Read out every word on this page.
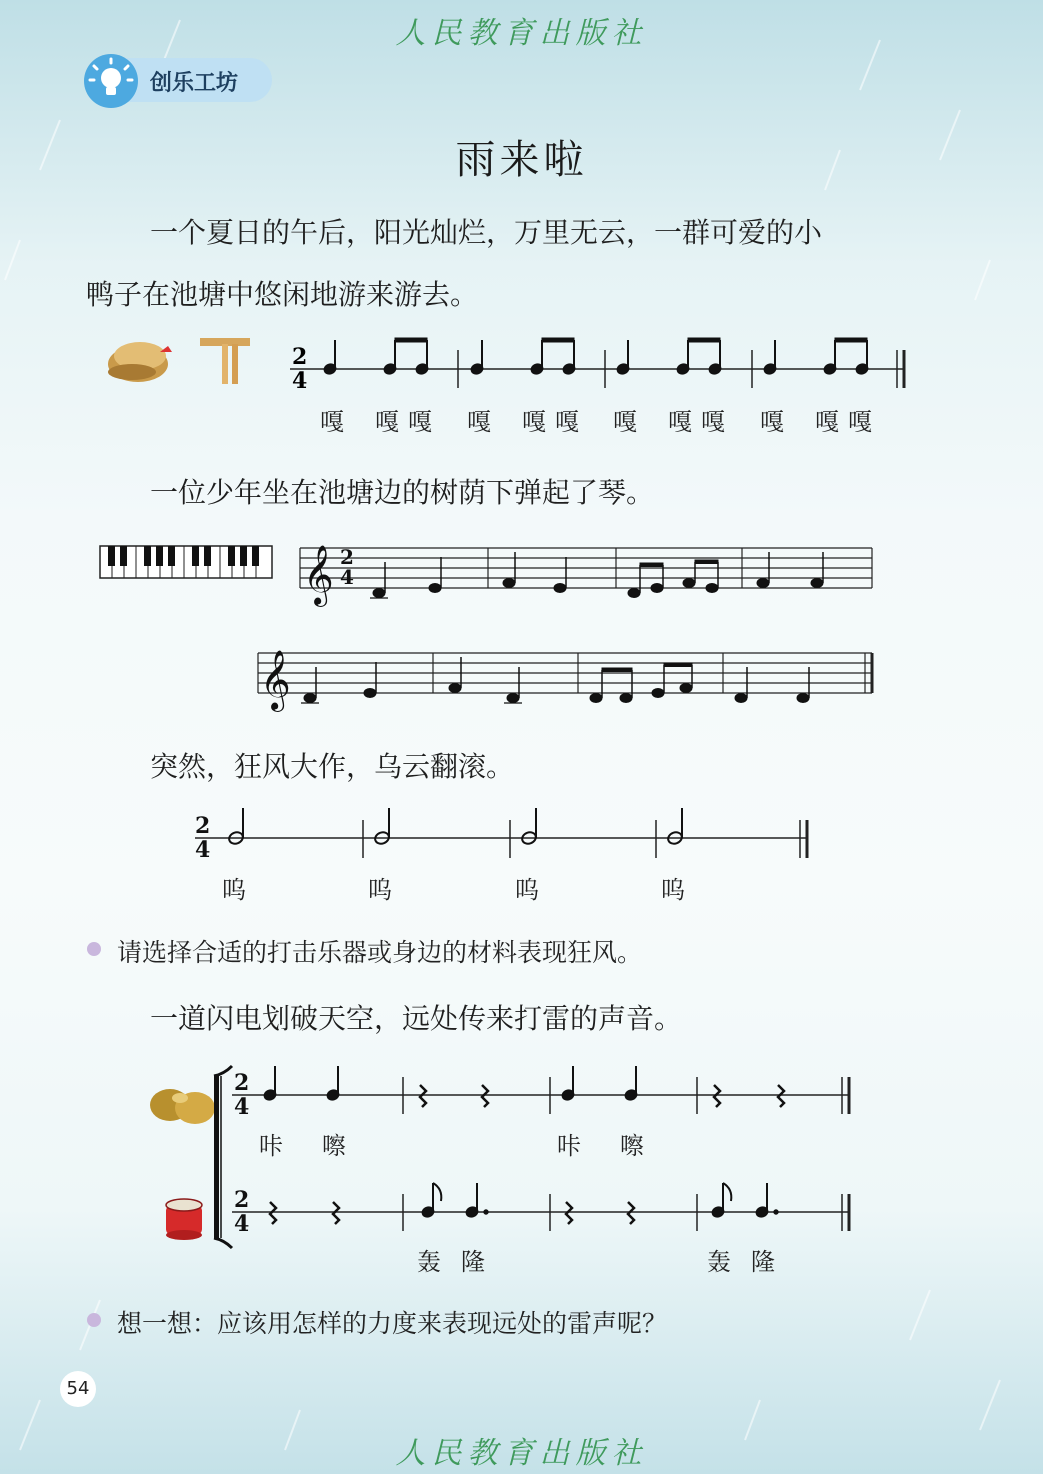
人民教育出版社
创乐工坊
雨来啦
一个夏日的午后，阳光灿烂，万里无云，一群可爱的小
鸭子在池塘中悠闲地游来游去。
一位少年坐在池塘边的树荫下弹起了琴。
突然，狂风大作，乌云翻滚。
一道闪电划破天空，远处传来打雷的声音。
请选择合适的打击乐器或身边的材料表现狂风。
想一想：应该用怎样的力度来表现远处的雷声呢？
2
4
嘎 嘎 嘎 嘎 嘎 嘎 嘎 嘎 嘎 嘎 嘎 嘎
𝄞 2
4
𝄞
2
4
呜	呜	呜	呜
2
4
咔 嚓	咔 嚓
2
4
轰 隆	轰 隆
54
人民教育出版社
